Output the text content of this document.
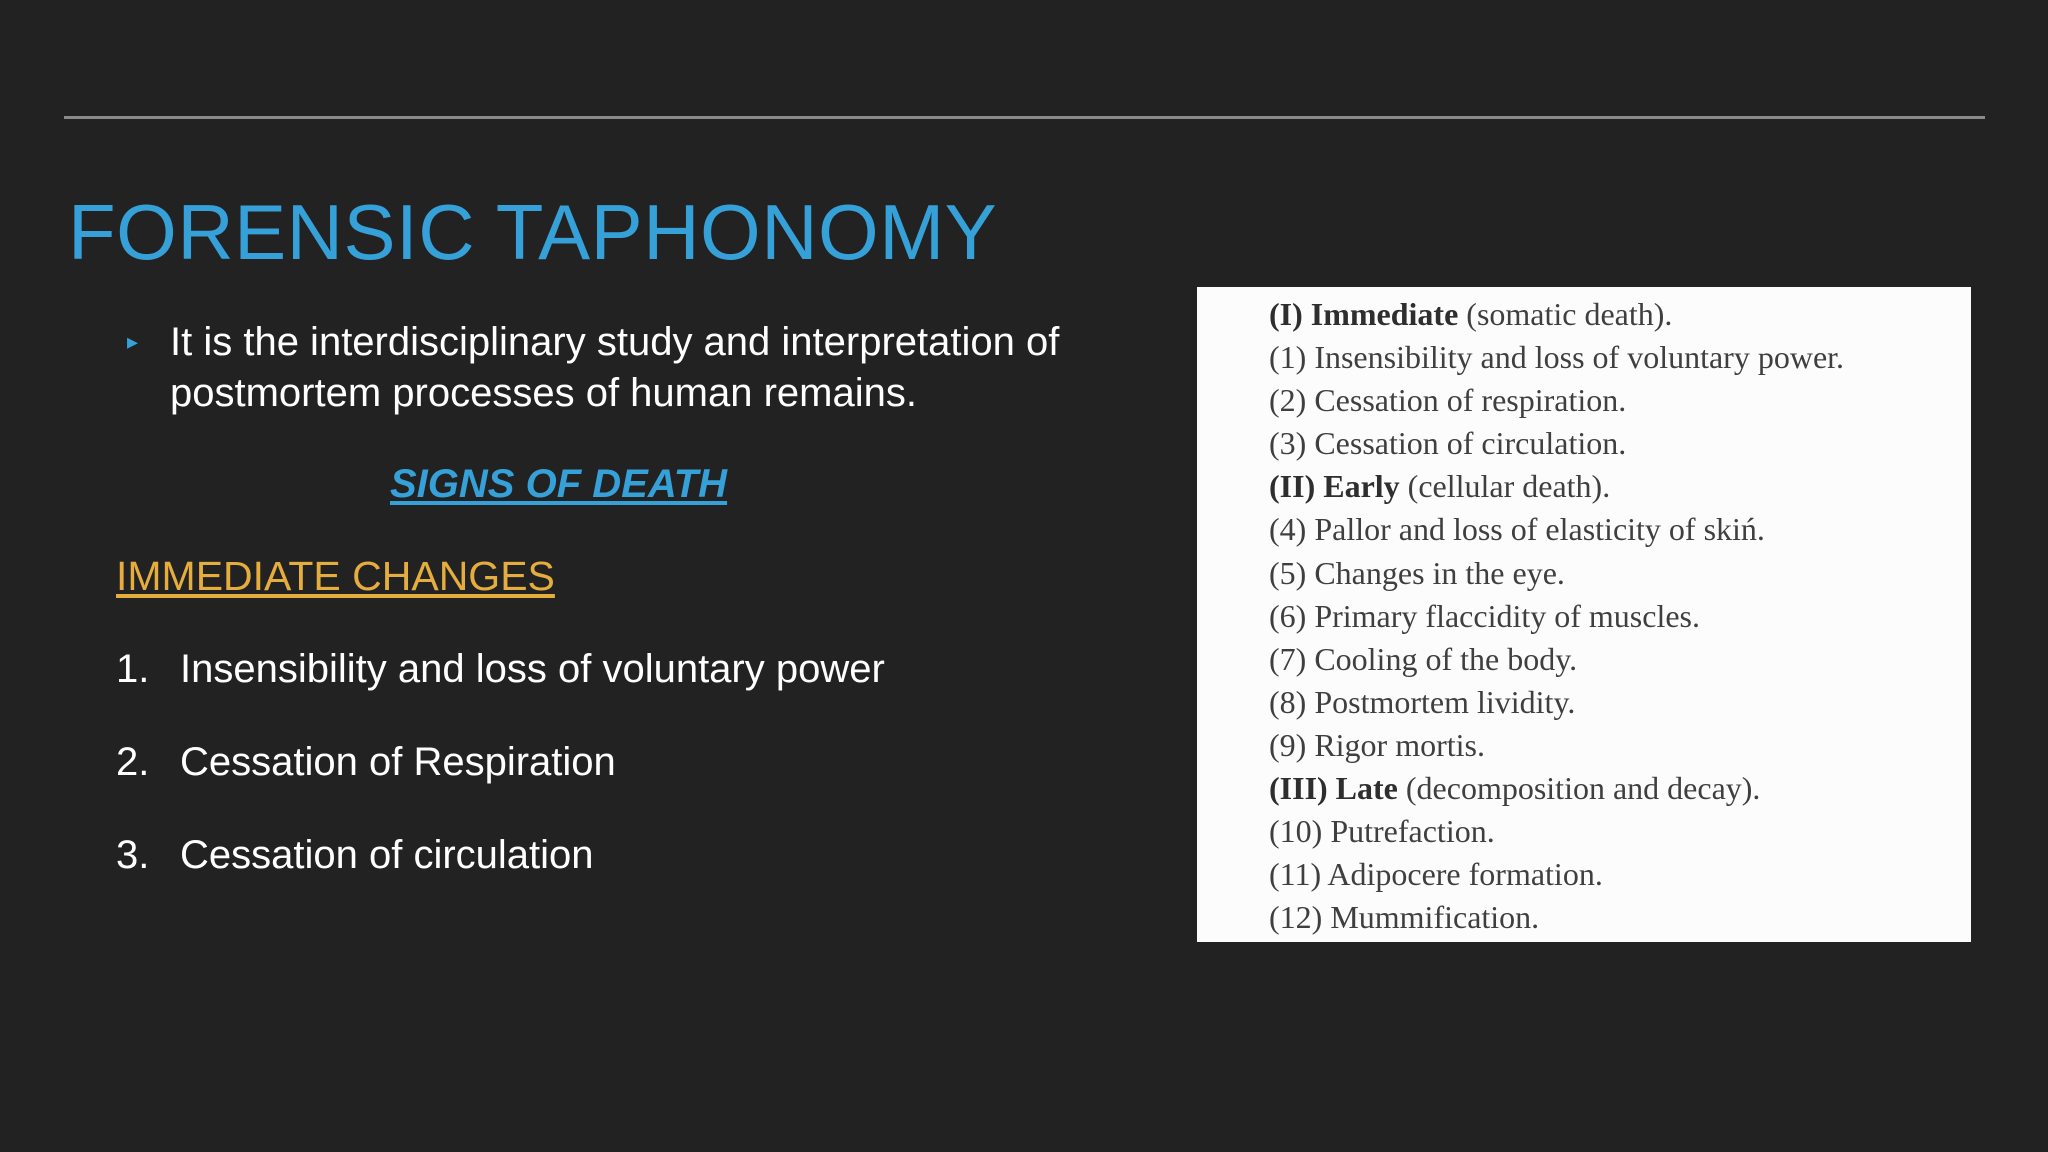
FORENSIC TAPHONOMY
▸ It is the interdisciplinary study and interpretation of postmortem processes of human remains.
SIGNS OF DEATH
IMMEDIATE CHANGES
1. Insensibility and loss of voluntary power
2. Cessation of Respiration
3. Cessation of circulation
(I) Immediate (somatic death).
(1) Insensibility and loss of voluntary power.
(2) Cessation of respiration.
(3) Cessation of circulation.
(II) Early (cellular death).
(4) Pallor and loss of elasticity of skiń.
(5) Changes in the eye.
(6) Primary flaccidity of muscles.
(7) Cooling of the body.
(8) Postmortem lividity.
(9) Rigor mortis.
(III) Late (decomposition and decay).
(10) Putrefaction.
(11) Adipocere formation.
(12) Mummification.
